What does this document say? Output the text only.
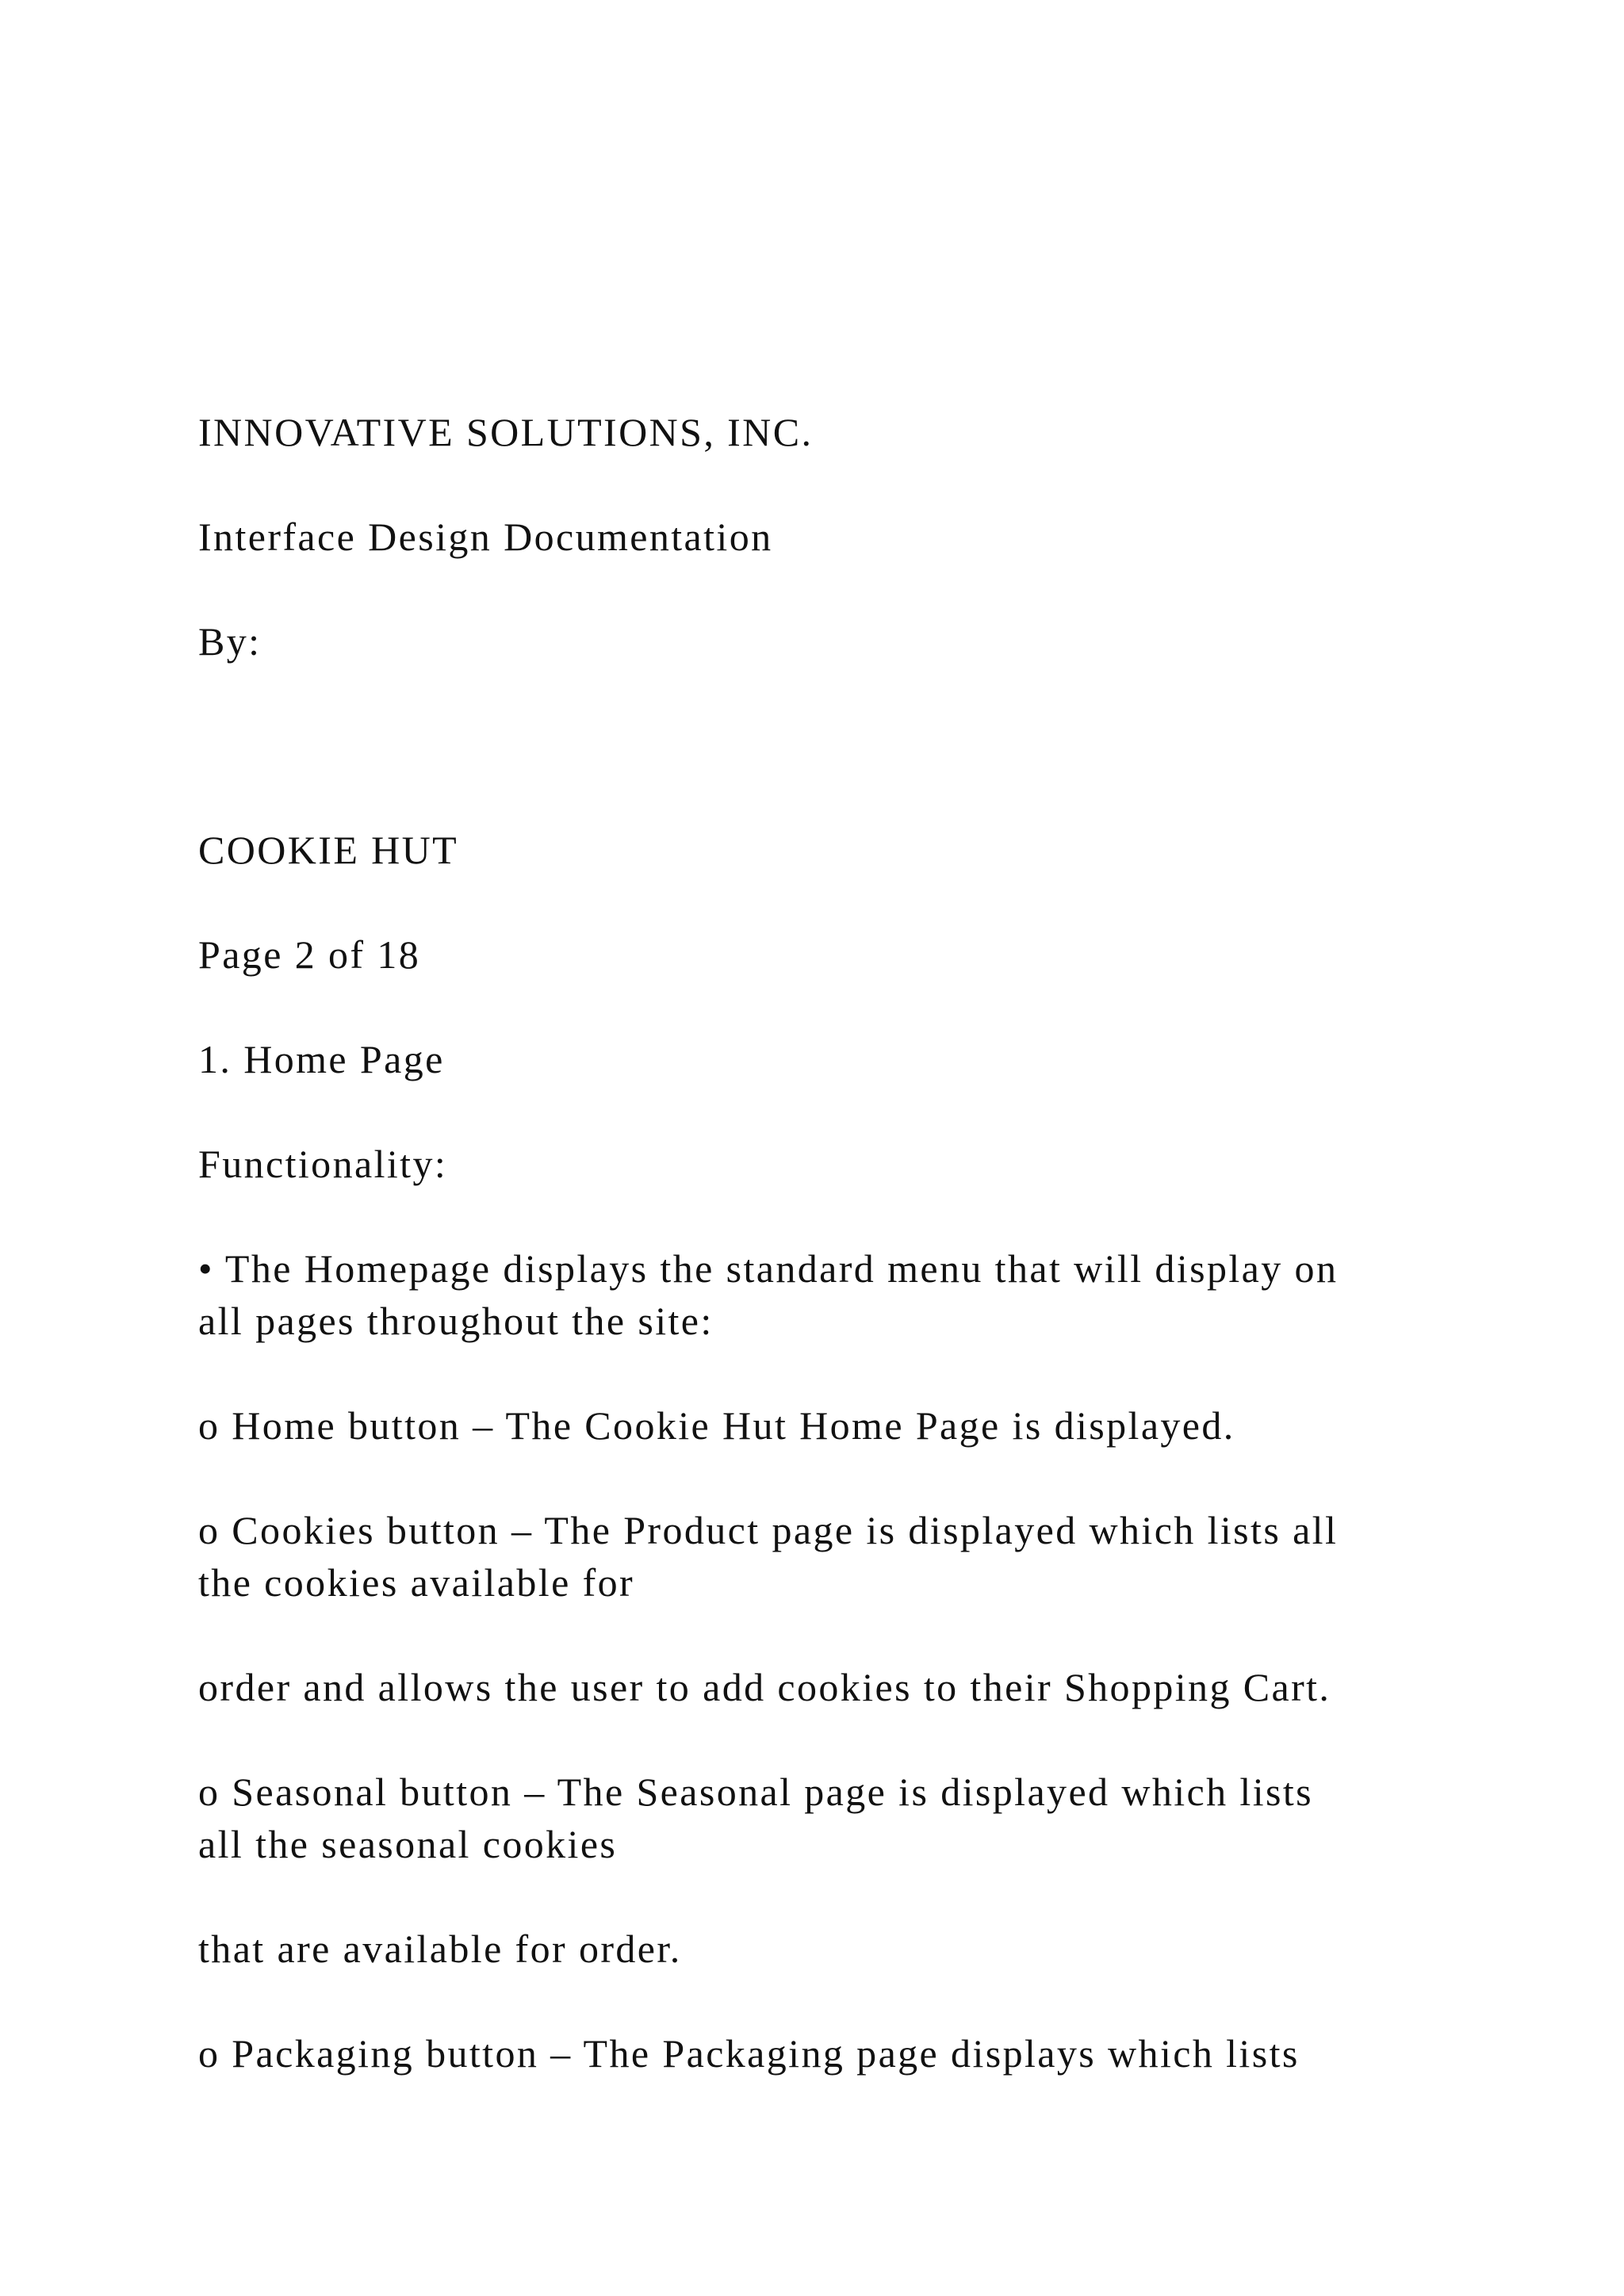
INNOVATIVE SOLUTIONS, INC.

Interface Design Documentation

By:

COOKIE HUT

Page 2 of 18

1. Home Page

Functionality:

• The Homepage displays the standard menu that will display on

all pages throughout the site:

o Home button – The Cookie Hut Home Page is displayed.

o Cookies button – The Product page is displayed which lists all

the cookies available for

order and allows the user to add cookies to their Shopping Cart.

o Seasonal button – The Seasonal page is displayed which lists

all the seasonal cookies

that are available for order.

o Packaging button – The Packaging page displays which lists
